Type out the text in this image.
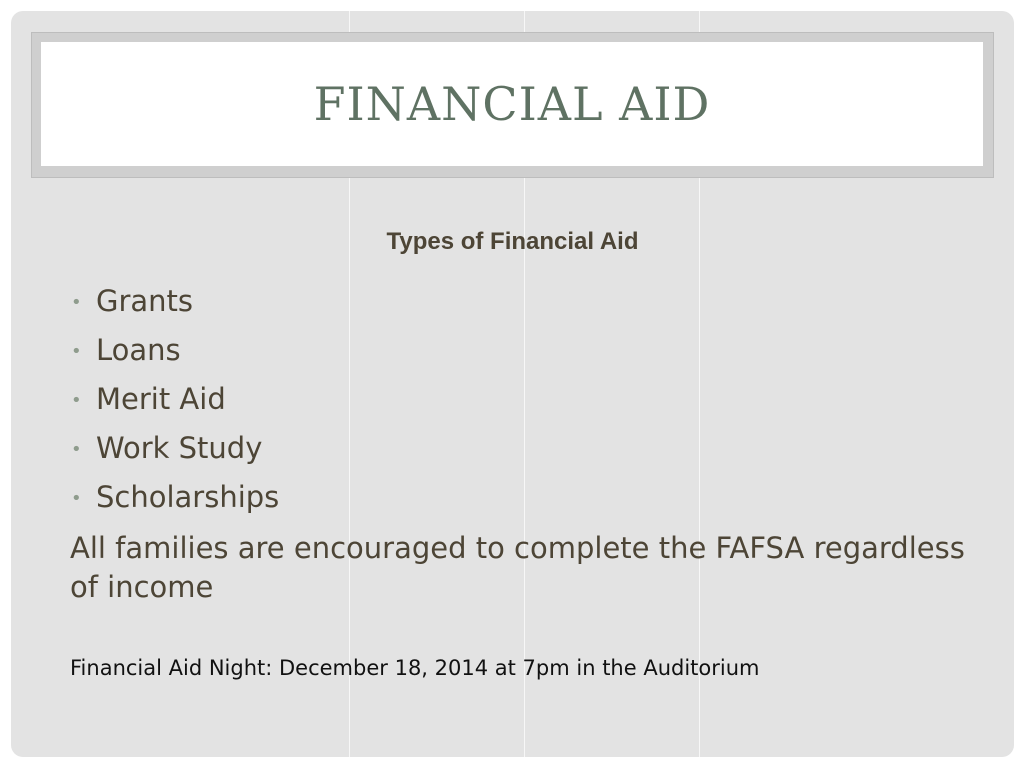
FINANCIAL AID
Types of Financial Aid
• Grants
• Loans
• Merit Aid
• Work Study
• Scholarships
All families are encouraged to complete the FAFSA regardless of income
Financial Aid Night: December 18, 2014 at 7pm in the Auditorium
